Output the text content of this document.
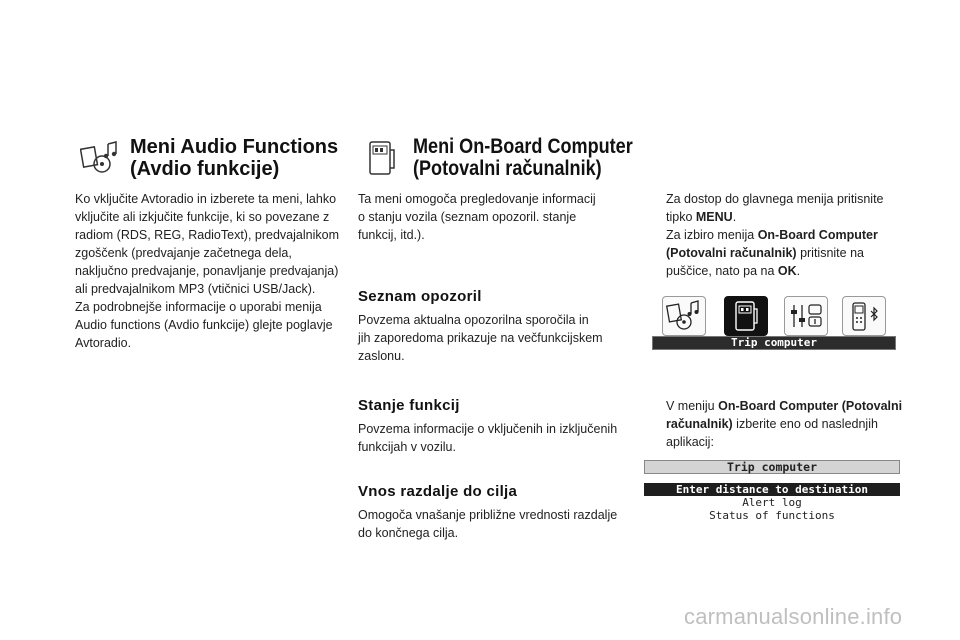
Meni Audio Functions
(Avdio funkcije)
Ko vključite Avtoradio in izberete ta meni, lahko
vključite ali izkjučite funkcije, ki so povezane z
radiom (RDS, REG, RadioText), predvajalnikom
zgoščenk (predvajanje začetnega dela,
naključno predvajanje, ponavljanje predvajanja)
ali predvajalnikom MP3 (vtičnici USB/Jack).
Za podrobnejše informacije o uporabi menija
Audio functions (Avdio funkcije) glejte poglavje
Avtoradio.
Meni On-Board Computer
(Potovalni računalnik)
Ta meni omogoča pregledovanje informacij
o stanju vozila (seznam opozoril. stanje
funkcij, itd.).
Seznam opozoril
Povzema aktualna opozorilna sporočila in
jih zaporedoma prikazuje na večfunkcijskem
zaslonu.
Stanje funkcij
Povzema informacije o vključenih in izključenih
funkcijah v vozilu.
Vnos razdalje do cilja
Omogoča vnašanje približne vrednosti razdalje
do končnega cilja.
Za dostop do glavnega menija pritisnite
tipko MENU.
Za izbiro menija On-Board Computer
(Potovalni računalnik) pritisnite na
puščice, nato pa na OK.
Trip computer
V meniju On-Board Computer (Potovalni
računalnik) izberite eno od naslednjih
aplikacij:
Trip computer
Enter distance to destination
Alert log
Status of functions
carmanualsonline.info
